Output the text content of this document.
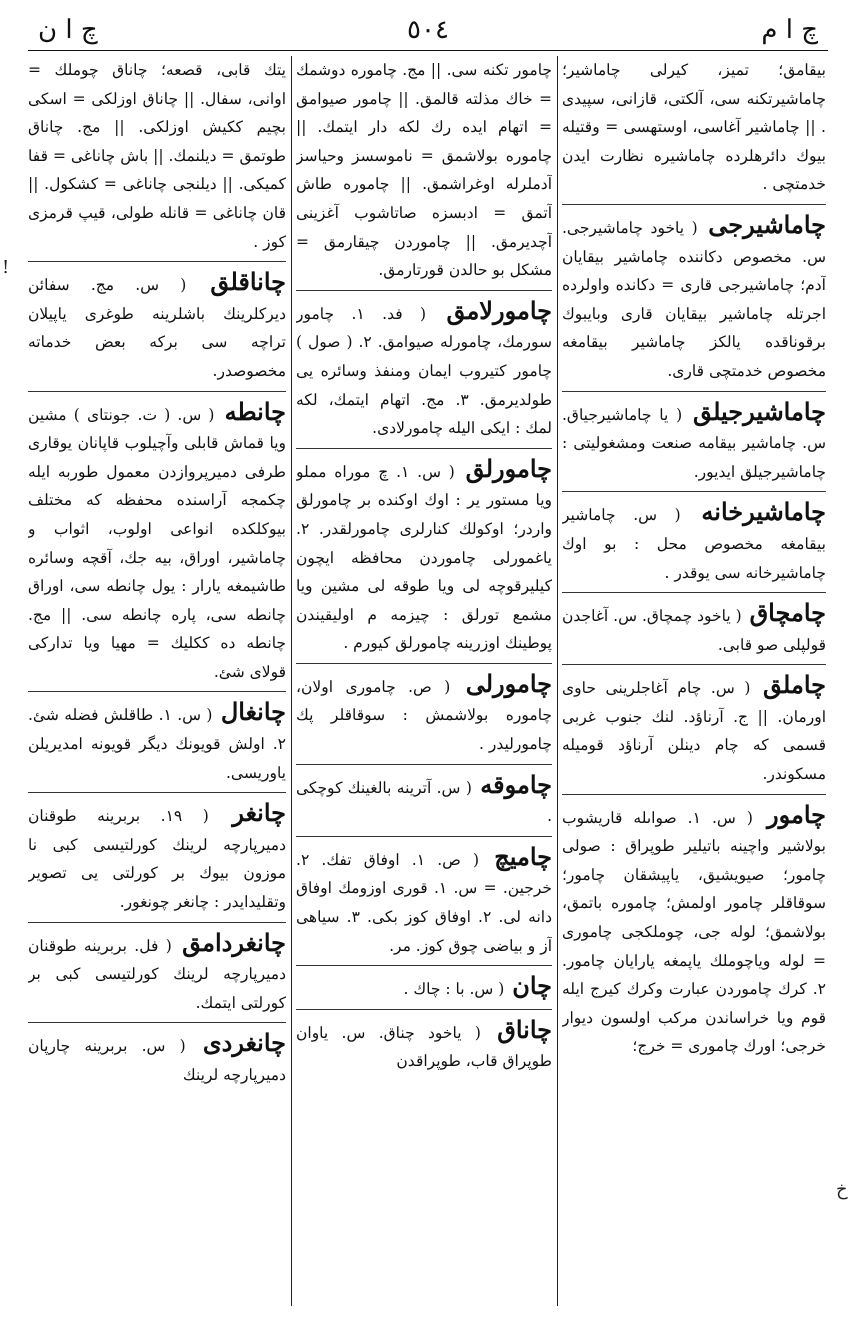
چ ا م
٥٠٤
چ ا ن
بيقامق؛ تميز، كيرلى چاماشير؛ چاماشيرتكنه سى، آلكتى، قازانى، سپيدى . || چاماشير آغاسى، اوستهسى = وقتيله بيوك دائرهلرده چاماشيره نظارت ايدن خدمتچى .
چاماشيرجى ( ياخود چاماشيرجى. س. مخصوص دكاننده چاماشير بيقايان آدم؛ چاماشيرجى قارى = دكانده واولرده اجرتله چاماشير بيقايان قارى وبايبوك برقوناقده يالكز چاماشير بيقامغه مخصوص خدمتچى قارى.
چاماشيرجيلق ( يا چاماشيرجياق. س. چاماشير بيقامه صنعت ومشغوليتى : چاماشيرجيلق ايديور.
چاماشيرخانه ( س. چاماشير بيقامغه مخصوص محل : بو اوك چاماشيرخانه سى يوقدر .
چامچاق ( ياخود چمچاق. س. آغاجدن قولپلى صو قابى.
چاملق ( س. چام آغاجلرينى حاوى اورمان. || ج. آرناؤد. لنك جنوب غربى قسمى كه چام دينلن آرناؤد قوميله مسكوندر.
چامور ( س. ١. صواىله قاريشوب بولاشير واچينه باتيلير طوپراق : صولى چامور؛ صيويشيق، ياپيشقان چامور؛ سوقاقلر چامور اولمش؛ چاموره باتمق، بولاشمق؛ لوله جى، چوملكجى چامورى = لوله وياچوملك ياپمغه يارايان چامور. ٢. كرك چاموردن عبارت وكرك كيرج ايله قوم ويا خراساندن مركب اولسون ديوار خرجى؛ اورك چامورى = خرج؛
چامور تكنه سى. || مج. چاموره دوشمك = خاك مذلته قالمق. || چامور صيوامق = اتهام ايده رك لكه دار ايتمك. || چاموره بولاشمق = ناموسسز وحياسز آدملرله اوغراشمق. || چاموره طاش آتمق = ادبسزه صاتاشوب آغزينى آچديرمق. || چاموردن چيقارمق = مشكل بو حالدن قورتارمق.
چامورلامق ( فد. ١. چامور سورمك، چامورله صيوامق. ٢. ( صول ) چامور كتيروب ايمان ومنفذ وسائره يى طولديرمق. ٣. مج. اتهام ايتمك، لكه لمك : ايكى اليله چامورلادى.
چامورلق ( س. ١. چ موراه مملو ويا مستور ير : اوك اوكنده بر چامورلق واردر؛ اوكولك كنارلرى چامورلقدر. ٢. ياغمورلى چاموردن محافظه ايچون كيليرقوچه لى ويا طوقه لى مشين ويا مشمع تورلق : چيزمه م اوليقيندن پوطينك اوزرينه چامورلق كيورم .
چامورلى ( ص. چامورى اولان، چاموره بولاشمش : سوقاقلر پك چامورليدر .
چاموقه ( س. آترينه بالغينك كوچكى .
چاميچ ( ص. ١. اوفاق تفك. ٢. خرجين. = س. ١. قورى اوزومك اوفاق دانه لى. ٢. اوفاق كوز بكى. ٣. سياهى آز و بياضى چوق كوز. مر.
چان ( س. با : چاك .
چاناق ( ياخود چناق. س. ياوان طوپراق قاب، طوپراقدن
يتك قابى، قصعه؛ چاناق چوملك = اوانى، سفال. || چاناق اوزلكى = اسكى بچيم ككيش اوزلكى. || مج. چاناق طوتمق = ديلنمك. || باش چاناغى = قفا كميكى. || ديلنجى چاناغى = كشكول. || قان چاناغى = قانله طولى، قيپ قرمزى كوز .
چاناقلق ( س. مج. سفائن ديركلرينك باشلرينه طوغرى ياپيلان تراچه سى بركه بعض خدماته مخصوصدر.
چانطه ( س. ( ت. جونتاى ) مشين ويا قماش قابلى وآچيلوب قاپانان يوقارى طرفى دميرپروازدن معمول طوربه ايله چكمجه آراسنده محفظه كه مختلف بيوكلكده انواعى اولوب، اثواب و چاماشير، اوراق، بيه جك، آقچه وسائره طاشيمغه يارار : يول چانطه سى، اوراق چانطه سى، پاره چانطه سى. || مج. چانطه ده ككليك = مهيا ويا تداركى قولاى شئ.
چانغال ( س. ١. طاقلش فضله شئ. ٢. اولش قويونك ديگر قويونه امديريلن ياوريسى.
چانغر ( ١٩. بربرينه طوقنان دميرپارچه لرينك كورلتيسى كبى نا موزون بيوك بر كورلتى يى تصوير وتقليدايدر : چانغر چونغور.
چانغردامق ( فل. بربرينه طوقنان دميرپارچه لرينك كورلتيسى كبى بر كورلتى ايتمك.
چانغردى ( س. بربرينه چارپان دميرپارچه لرينك
!
ﺥ
